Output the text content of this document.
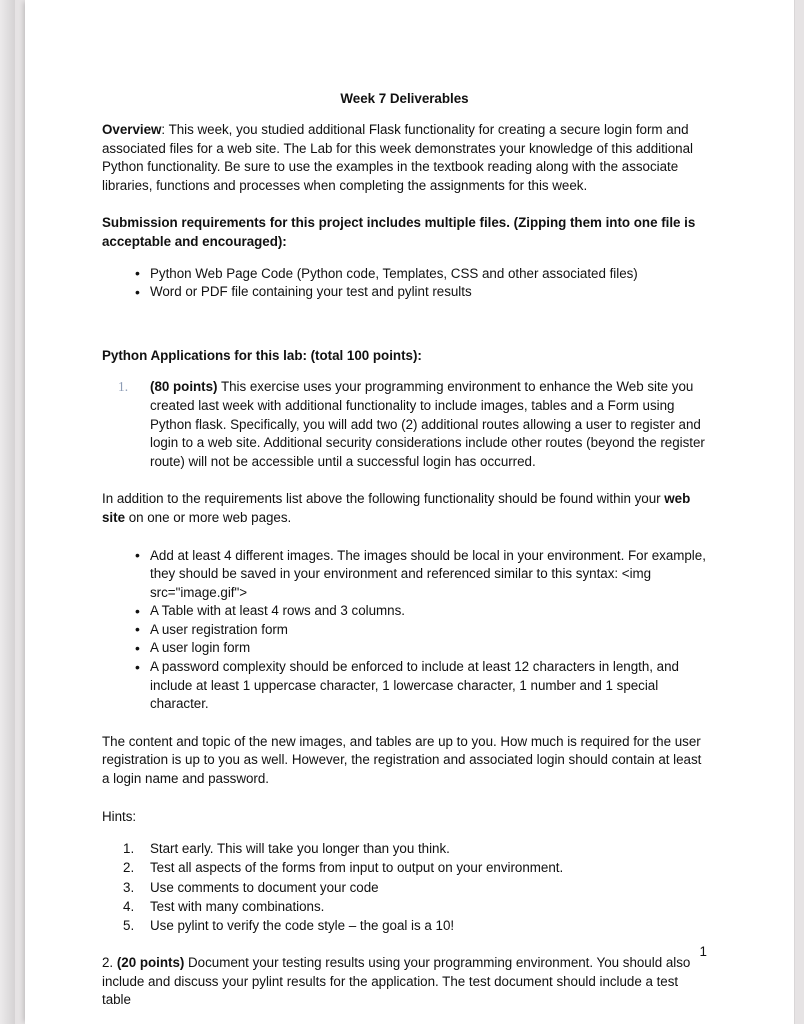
Week 7 Deliverables

Overview: This week, you studied additional Flask functionality for creating a secure login form and associated files for a web site. The Lab for this week demonstrates your knowledge of this additional Python functionality. Be sure to use the examples in the textbook reading along with the associate libraries, functions and processes when completing the assignments for this week.

Submission requirements for this project includes multiple files. (Zipping them into one file is acceptable and encouraged):

• Python Web Page Code (Python code, Templates, CSS and other associated files)
• Word or PDF file containing your test and pylint results

Python Applications for this lab: (total 100 points):

(80 points) This exercise uses your programming environment to enhance the Web site you created last week with additional functionality to include images, tables and a Form using Python flask. Specifically, you will add two (2) additional routes allowing a user to register and login to a web site. Additional security considerations include other routes (beyond the register route) will not be accessible until a successful login has occurred.

In addition to the requirements list above the following functionality should be found within your web site on one or more web pages.

• Add at least 4 different images. The images should be local in your environment. For example, they should be saved in your environment and referenced similar to this syntax: <img src="image.gif">
• A Table with at least 4 rows and 3 columns.
• A user registration form
• A user login form
• A password complexity should be enforced to include at least 12 characters in length, and include at least 1 uppercase character, 1 lowercase character, 1 number and 1 special character.

The content and topic of the new images, and tables are up to you. How much is required for the user registration is up to you as well. However, the registration and associated login should contain at least a login name and password.

Hints:

Start early. This will take you longer than you think.
Test all aspects of the forms from input to output on your environment.
Use comments to document your code
Test with many combinations.
Use pylint to verify the code style – the goal is a 10!

2. (20 points) Document your testing results using your programming environment. You should also include and discuss your pylint results for the application. The test document should include a test table

1
